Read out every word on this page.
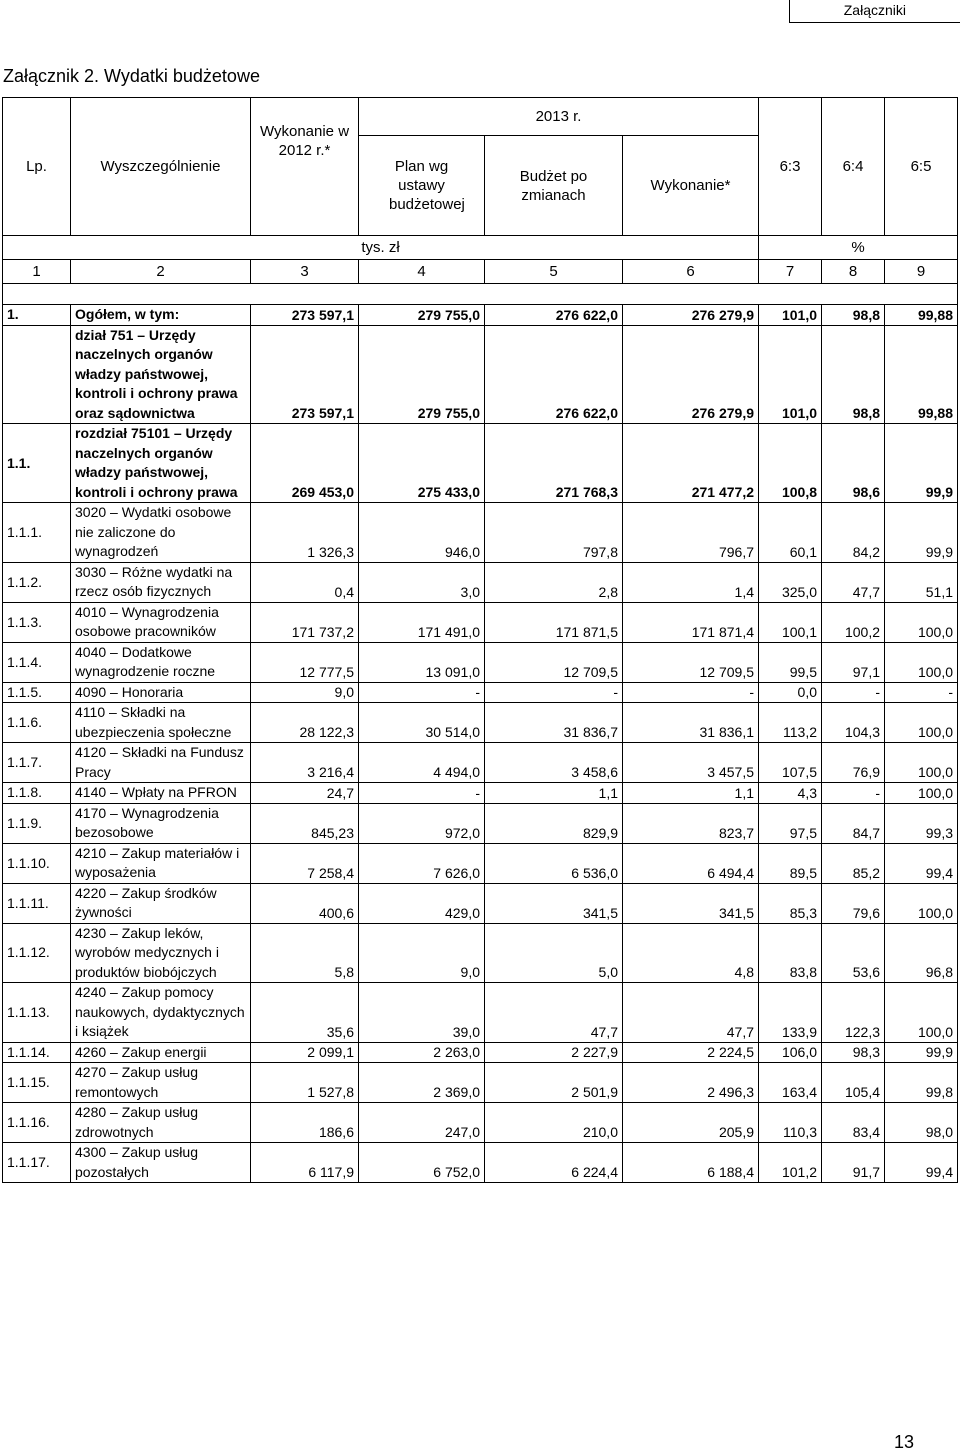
Załączniki
Załącznik 2. Wydatki budżetowe
Lp.	Wyszczególnienie	Wykonanie w 2012 r.*	2013 r.			6:3	6:4	6:5
			Plan wg ustawy budżetowej	Budżet po zmianach	Wykonanie*			

tys. zł						%		
1	2	3	4	5	6	7	8	9

1.	Ogółem, w tym:	273 597,1	279 755,0	276 622,0	276 279,9	101,0	98,8	99,88
	dział 751 – Urzędy naczelnych organów władzy państwowej, kontroli i ochrony prawa oraz sądownictwa	273 597,1	279 755,0	276 622,0	276 279,9	101,0	98,8	99,88
1.1.	rozdział 75101 – Urzędy naczelnych organów władzy państwowej, kontroli i ochrony prawa	269 453,0	275 433,0	271 768,3	271 477,2	100,8	98,6	99,9
1.1.1.	3020 – Wydatki osobowe nie zaliczone do wynagrodzeń	1 326,3	946,0	797,8	796,7	60,1	84,2	99,9
1.1.2.	3030 – Różne wydatki na rzecz osób fizycznych	0,4	3,0	2,8	1,4	325,0	47,7	51,1
1.1.3.	4010 – Wynagrodzenia osobowe pracowników	171 737,2	171 491,0	171 871,5	171 871,4	100,1	100,2	100,0
1.1.4.	4040 – Dodatkowe wynagrodzenie roczne	12 777,5	13 091,0	12 709,5	12 709,5	99,5	97,1	100,0
1.1.5.	4090 – Honoraria	9,0	-	-	-	0,0	-	-
1.1.6.	4110 – Składki na ubezpieczenia społeczne	28 122,3	30 514,0	31 836,7	31 836,1	113,2	104,3	100,0
1.1.7.	4120 – Składki na Fundusz Pracy	3 216,4	4 494,0	3 458,6	3 457,5	107,5	76,9	100,0
1.1.8.	4140 – Wpłaty na PFRON	24,7	-	1,1	1,1	4,3	-	100,0
1.1.9.	4170 – Wynagrodzenia bezosobowe	845,23	972,0	829,9	823,7	97,5	84,7	99,3
1.1.10.	4210 – Zakup materiałów i wyposażenia	7 258,4	7 626,0	6 536,0	6 494,4	89,5	85,2	99,4
1.1.11.	4220 – Zakup środków żywności	400,6	429,0	341,5	341,5	85,3	79,6	100,0
1.1.12.	4230 – Zakup leków, wyrobów medycznych i produktów biobójczych	5,8	9,0	5,0	4,8	83,8	53,6	96,8
1.1.13.	4240 – Zakup pomocy naukowych, dydaktycznych i książek	35,6	39,0	47,7	47,7	133,9	122,3	100,0
1.1.14.	4260 – Zakup energii	2 099,1	2 263,0	2 227,9	2 224,5	106,0	98,3	99,9
1.1.15.	4270 – Zakup usług remontowych	1 527,8	2 369,0	2 501,9	2 496,3	163,4	105,4	99,8
1.1.16.	4280 – Zakup usług zdrowotnych	186,6	247,0	210,0	205,9	110,3	83,4	98,0
1.1.17.	4300 – Zakup usług pozostałych	6 117,9	6 752,0	6 224,4	6 188,4	101,2	91,7	99,4
13
